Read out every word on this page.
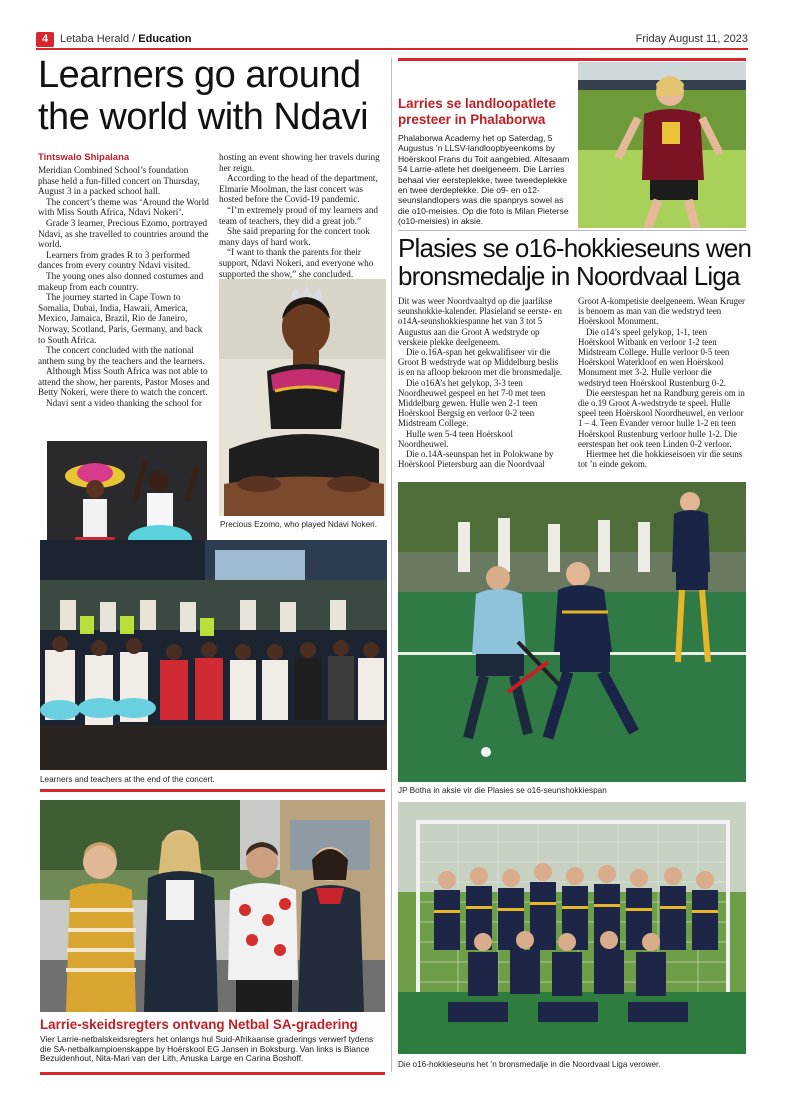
4	Letaba Herald / Education	Friday August 11, 2023
Learners go around
the world with Ndavi
Tintswalo Shipalana

Meridian Combined School’s foundation phase held a fun-filled concert on Thursday, August 3 in a packed school hall.

The concert’s theme was ‘Around the World with Miss South Africa, Ndavi Nokeri’.

Grade 3 learner, Precious Ezomo, portrayed Ndavi, as she travelled to countries around the world.

Learners from grades R to 3 performed dances from every country Ndavi visited.

The young ones also donned costumes and makeup from each country.

The journey started in Cape Town to Somalia, Dubai, India, Hawaii, America, Mexico, Jamaica, Brazil, Rio de Janeiro, Norway, Scotland, Paris, Germany, and back to South Africa.

The concert concluded with the national anthem sung by the teachers and the learners.

Although Miss South Africa was not able to attend the show, her parents, Pastor Moses and Betty Nokeri, were there to watch the concert.

Ndavi sent a video thanking the school for

hosting an event showing her travels during her reign.

According to the head of the department, Elmarie Moolman, the last concert was hosted before the Covid-19 pandemic.

“I’m extremely proud of my learners and team of teachers, they did a great job.”

She said preparing for the concert took many days of hard work.

“I want to thank the parents for their support, Ndavi Nokeri, and everyone who supported the show,” she concluded.

Precious Ezomo, who played Ndavi Nokeri.
Learners and teachers at the end of the concert.
Larrie-skeidsregters ontvang Netbal SA-gradering
Vier Larrie-netbalskeidsregters het onlangs hul Suid-Afrikaanse graderings verwerf tydens die SA-netbalkampioenskappe by Hoërskool EG Jansen in Boksburg. Van links is Biance Bezuidenhout, Nita-Mari van der Lith, Anuska Large en Carina Boshoff.
Larries se landloopatlete
presteer in Phalaborwa
Phalaborwa Academy het op Saterdag, 5 Augustus ’n LLSV-landloopbyeenkoms by Hoërskool Frans du Toit aangebied. Altesaam 54 Larrie-atlete het deelgeneem. Die Larries behaal vier eersteplekke, twee tweedeplekke en twee derdeplekke. Die o9- en o12-seunslandlopers was die spanprys sowel as die o10-meisies. Op die foto is Milan Pieterse (o10-meisies) in aksie.
Plasies se o16-hokkieseuns wen
bronsmedalje in Noordvaal Liga

Dit was weer Noordvaaltyd op die jaarlikse seunshokkie-kalender. Plasieland se eerste- en o14A-seunshokkiespanne het van 3 tot 5 Augustus aan die Groot A wedstryde op verskeie plekke deelgeneem.

Die o.16A-span het gekwalifiseer vir die Groot B wedstryde wat op Middelburg beslis is en na afloop bekroon met die bronsmedalje.

Die o16A’s het gelykop, 3-3 teen Noordheuwel gespeel en het 7-0 met teen Middelburg gewen. Hulle wen 2-1 teen Hoërskool Bergsig en verloor 0-2 teen Midstream College.

Hulle wen 5-4 teen Hoërskool Noordheuwel.

Die o.14A-seunspan het in Polokwane by Hoërskool Pietersburg aan die Noordvaal

Groot A-kompetisie deelgeneem. Wean Kruger is benoem as man van die wedstryd teen Hoërskool Monument.

Die o14’s speel gelykop, 1-1, teen Hoërskool Witbank en verloor 1-2 teen Midstream College. Hulle verloor 0-5 teen Hoërskool Waterkloof en wen Hoërskool Monument met 3-2. Hulle verloor die wedstryd teen Hoërskool Rustenburg 0-2.

Die eerstespan het na Randburg gereis om in die o.19 Groot A-wedstryde te speel. Hulle speel teen Hoërskool Noordheuwel, en verloor 1 – 4. Teen Evander veroor hulle 1-2 en teen Hoërskool Rustenburg verloor hulle 1-2. Die eerstespan het ook teen Linden 0-2 verloor.

Hiermee het die hokkieseisoen vir die seuns tot ’n einde gekom.

JP Botha in aksie vir die Plasies se o16-seunshokkiespan
Die o16-hokkieseuns het ’n bronsmedalje in die Noordvaal Liga verower.
